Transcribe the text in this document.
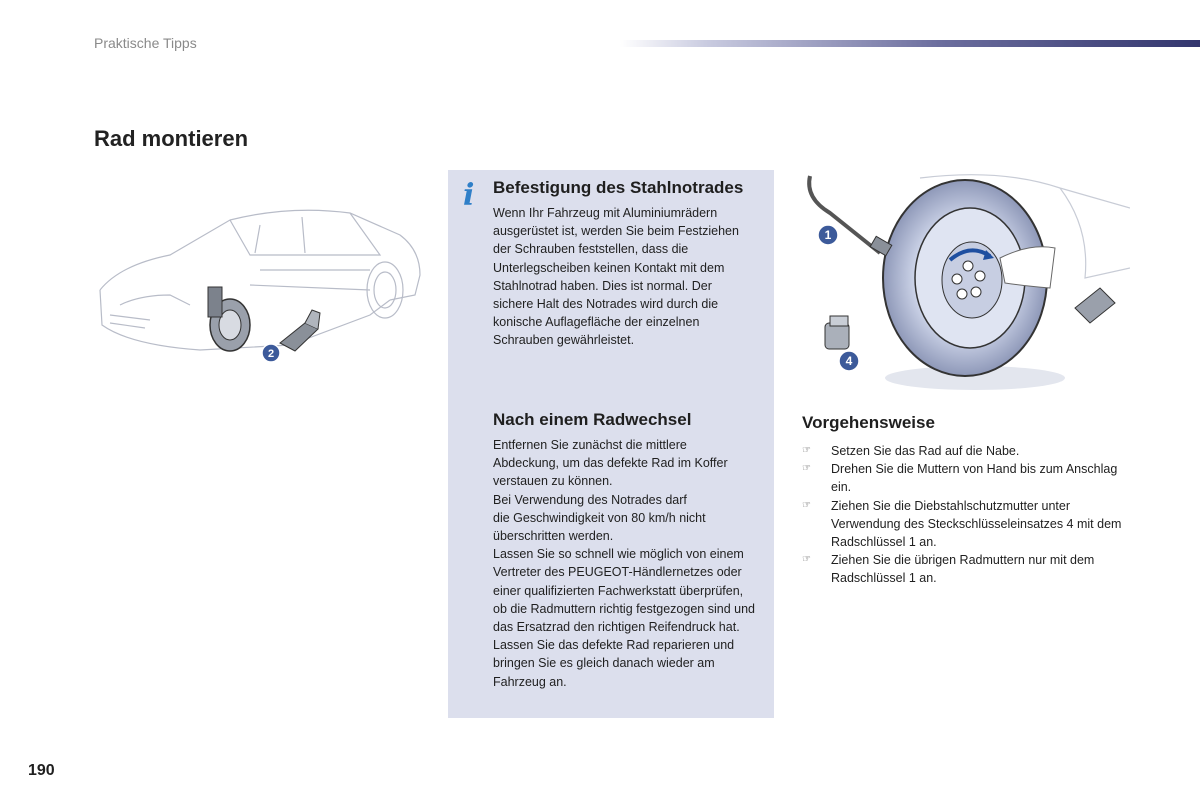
Praktische Tipps
Rad montieren
2
i Befestigung des Stahlnotrades
Wenn Ihr Fahrzeug mit Aluminiumrädern
ausgerüstet ist, werden Sie beim Festziehen
der Schrauben feststellen, dass die
Unterlegscheiben keinen Kontakt mit dem
Stahlnotrad haben. Dies ist normal. Der
sichere Halt des Notrades wird durch die
konische Auflagefläche der einzelnen
Schrauben gewährleistet.
Nach einem Radwechsel
Entfernen Sie zunächst die mittlere
Abdeckung, um das defekte Rad im Koffer
verstauen zu können.
Bei Verwendung des Notrades darf
die Geschwindigkeit von 80 km/h nicht
überschritten werden.
Lassen Sie so schnell wie möglich von einem
Vertreter des PEUGEOT-Händlernetzes oder
einer qualifizierten Fachwerkstatt überprüfen,
ob die Radmuttern richtig festgezogen sind und
das Ersatzrad den richtigen Reifendruck hat.
Lassen Sie das defekte Rad reparieren und
bringen Sie es gleich danach wieder am
Fahrzeug an.
1
4
Vorgehensweise
☞ Setzen Sie das Rad auf die Nabe.
☞ Drehen Sie die Muttern von Hand bis zum Anschlag ein.
☞ Ziehen Sie die Diebstahlschutzmutter unter Verwendung des Steckschlüsseleinsatzes 4 mit dem Radschlüssel 1 an.
☞ Ziehen Sie die übrigen Radmuttern nur mit dem Radschlüssel 1 an.
190
